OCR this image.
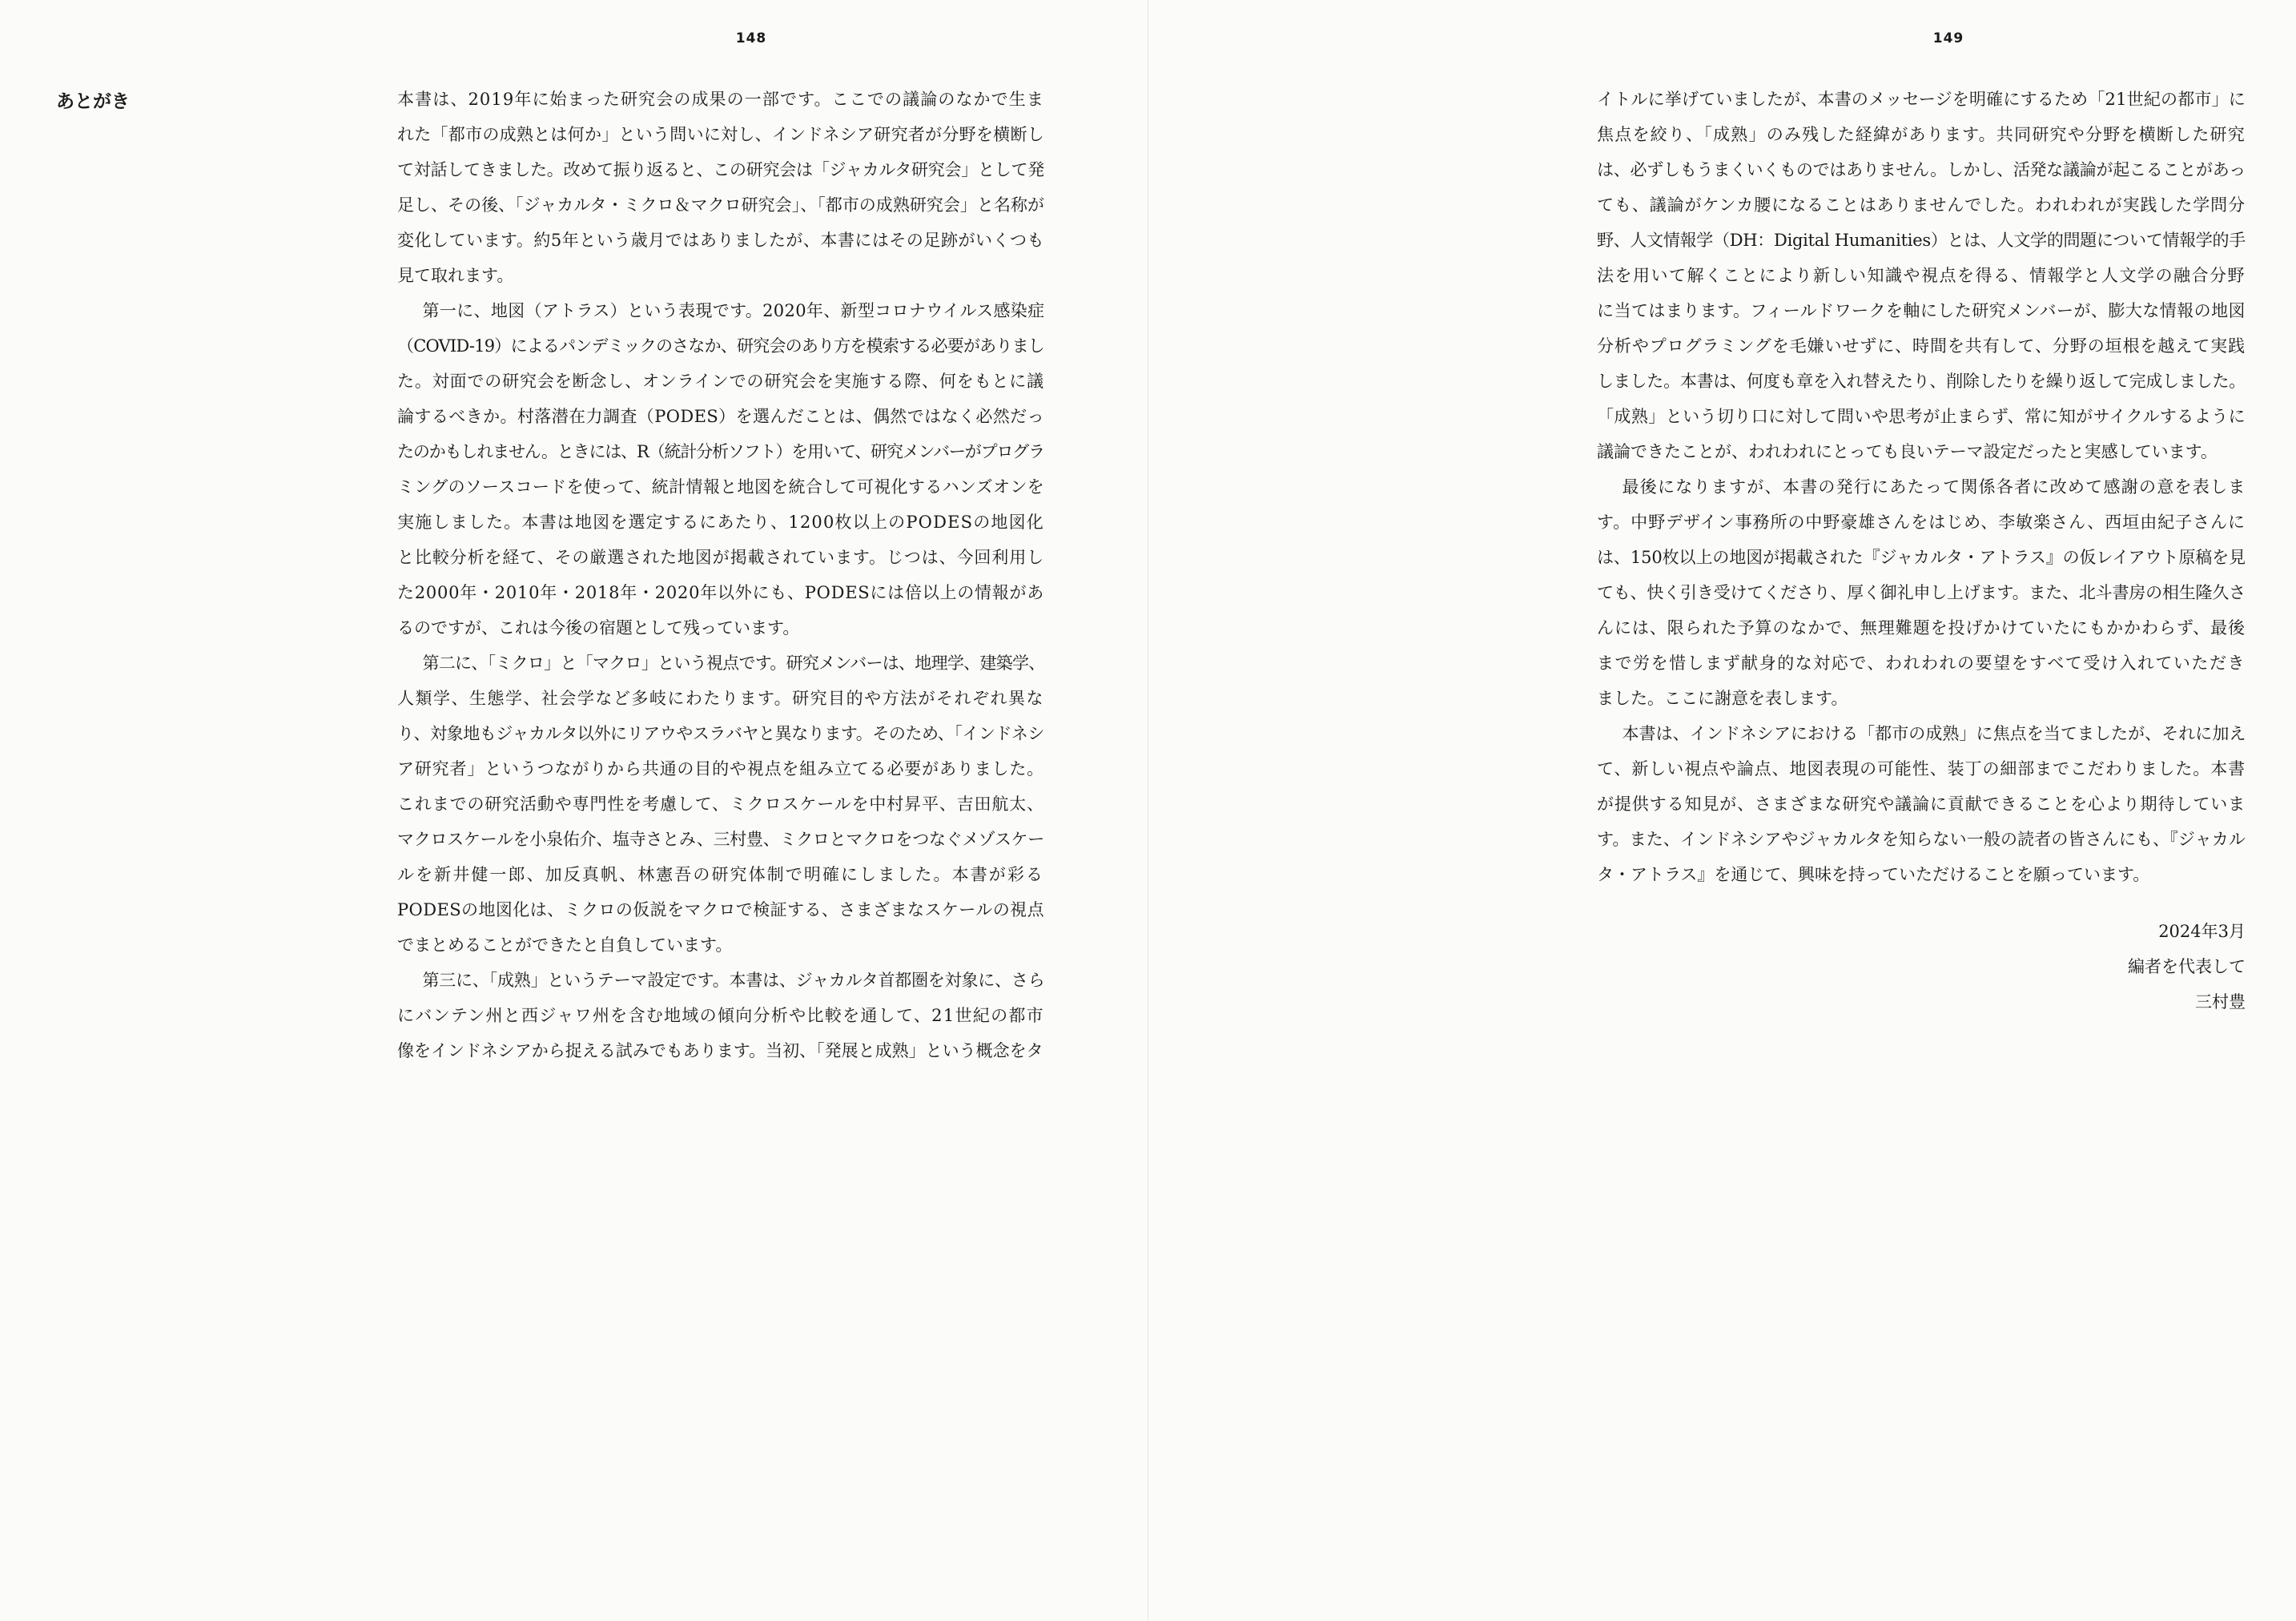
148
あとがき	本書は、2019年に始まった研究会の成果の一部です。ここでの議論のなかで生ま
れた「都市の成熟とは何か」という問いに対し、インドネシア研究者が分野を横断し
て対話してきました。改めて振り返ると、この研究会は「ジャカルタ研究会」として発
足し、その後、「ジャカルタ・ミクロ＆マクロ研究会」、「都市の成熟研究会」と名称が
変化しています。約5年という歳月ではありましたが、本書にはその足跡がいくつも
見て取れます。
第一に、地図（アトラス）という表現です。2020年、新型コロナウイルス感染症
（COVID-19）によるパンデミックのさなか、研究会のあり方を模索する必要がありまし
た。対面での研究会を断念し、オンラインでの研究会を実施する際、何をもとに議
論するべきか。村落潜在力調査（PODES）を選んだことは、偶然ではなく必然だっ
たのかもしれません。ときには、R（統計分析ソフト）を用いて、研究メンバーがプログラ
ミングのソースコードを使って、統計情報と地図を統合して可視化するハンズオンを
実施しました。本書は地図を選定するにあたり、1200枚以上のPODESの地図化
と比較分析を経て、その厳選された地図が掲載されています。じつは、今回利用し
た2000年・2010年・2018年・2020年以外にも、PODESには倍以上の情報があ
るのですが、これは今後の宿題として残っています。
第二に、「ミクロ」と「マクロ」という視点です。研究メンバーは、地理学、建築学、
人類学、生態学、社会学など多岐にわたります。研究目的や方法がそれぞれ異な
り、対象地もジャカルタ以外にリアウやスラバヤと異なります。そのため、「インドネシ
ア研究者」というつながりから共通の目的や視点を組み立てる必要がありました。
これまでの研究活動や専門性を考慮して、ミクロスケールを中村昇平、吉田航太、
マクロスケールを小泉佑介、塩寺さとみ、三村豊、ミクロとマクロをつなぐメゾスケー
ルを新井健一郎、加反真帆、林憲吾の研究体制で明確にしました。本書が彩る
PODESの地図化は、ミクロの仮説をマクロで検証する、さまざまなスケールの視点
でまとめることができたと自負しています。
第三に、「成熟」というテーマ設定です。本書は、ジャカルタ首都圏を対象に、さら
にバンテン州と西ジャワ州を含む地域の傾向分析や比較を通して、21世紀の都市
像をインドネシアから捉える試みでもあります。当初、「発展と成熟」という概念をタ
149
イトルに挙げていましたが、本書のメッセージを明確にするため「21世紀の都市」に
焦点を絞り、「成熟」のみ残した経緯があります。共同研究や分野を横断した研究
は、必ずしもうまくいくものではありません。しかし、活発な議論が起こることがあっ
ても、議論がケンカ腰になることはありませんでした。われわれが実践した学問分
野、人文情報学（DH：Digital Humanities）とは、人文学的問題について情報学的手
法を用いて解くことにより新しい知識や視点を得る、情報学と人文学の融合分野
に当てはまります。フィールドワークを軸にした研究メンバーが、膨大な情報の地図
分析やプログラミングを毛嫌いせずに、時間を共有して、分野の垣根を越えて実践
しました。本書は、何度も章を入れ替えたり、削除したりを繰り返して完成しました。
「成熟」という切り口に対して問いや思考が止まらず、常に知がサイクルするように
議論できたことが、われわれにとっても良いテーマ設定だったと実感しています。
最後になりますが、本書の発行にあたって関係各者に改めて感謝の意を表しま
す。中野デザイン事務所の中野豪雄さんをはじめ、李敏楽さん、西垣由紀子さんに
は、150枚以上の地図が掲載された『ジャカルタ・アトラス』の仮レイアウト原稿を見
ても、快く引き受けてくださり、厚く御礼申し上げます。また、北斗書房の相生隆久さ
んには、限られた予算のなかで、無理難題を投げかけていたにもかかわらず、最後
まで労を惜しまず献身的な対応で、われわれの要望をすべて受け入れていただき
ました。ここに謝意を表します。
本書は、インドネシアにおける「都市の成熟」に焦点を当てましたが、それに加え
て、新しい視点や論点、地図表現の可能性、装丁の細部までこだわりました。本書
が提供する知見が、さまざまな研究や議論に貢献できることを心より期待していま
す。また、インドネシアやジャカルタを知らない一般の読者の皆さんにも、『ジャカル
タ・アトラス』を通じて、興味を持っていただけることを願っています。
2024年3月
編者を代表して
三村豊
